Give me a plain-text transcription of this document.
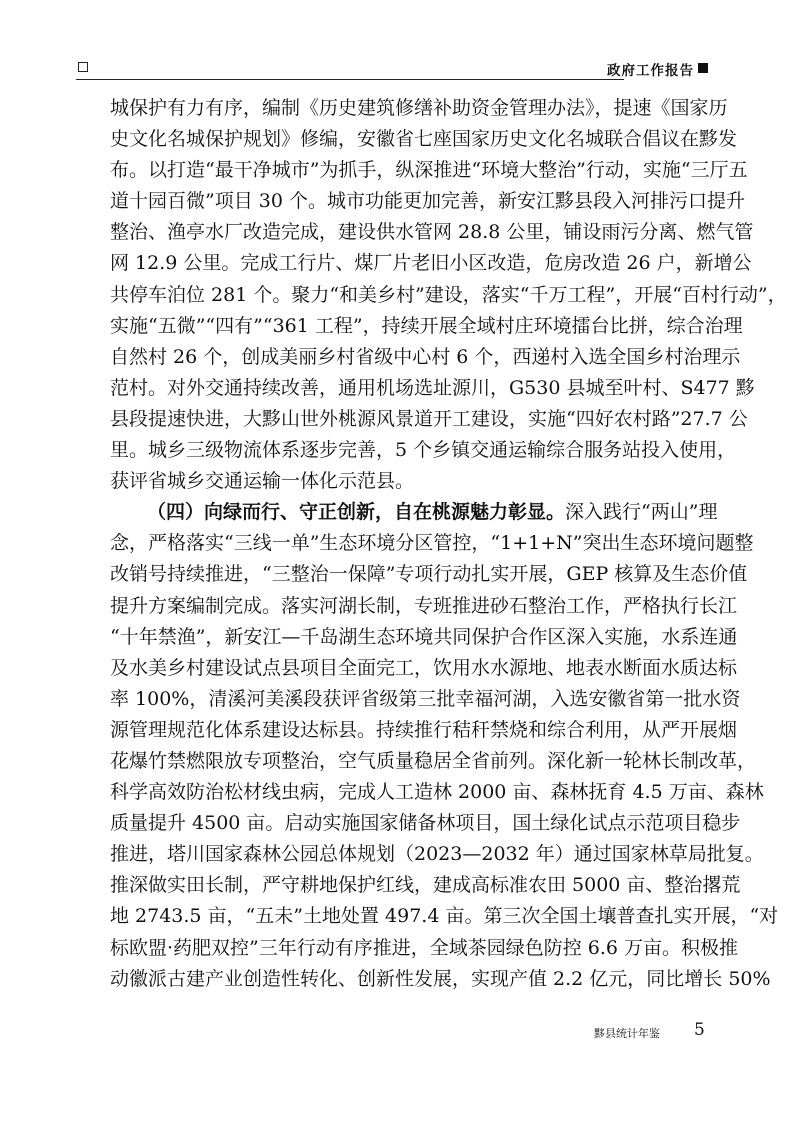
政府工作报告
城保护有力有序，编制《历史建筑修缮补助资金管理办法》，提速《国家历
史文化名城保护规划》修编，安徽省七座国家历史文化名城联合倡议在黟发
布。以打造“最干净城市”为抓手，纵深推进“环境大整治”行动，实施“三厅五
道十园百微”项目 30 个。城市功能更加完善，新安江黟县段入河排污口提升
整治、渔亭水厂改造完成，建设供水管网 28.8 公里，铺设雨污分离、燃气管
网 12.9 公里。完成工行片、煤厂片老旧小区改造，危房改造 26 户，新增公
共停车泊位 281 个。聚力“和美乡村”建设，落实“千万工程”，开展“百村行动”，
实施“五微”“四有”“361 工程”，持续开展全域村庄环境擂台比拼，综合治理
自然村 26 个，创成美丽乡村省级中心村 6 个，西递村入选全国乡村治理示
范村。对外交通持续改善，通用机场选址源川，G530 县城至叶村、S477 黟
县段提速快进，大黟山世外桃源风景道开工建设，实施“四好农村路”27.7 公
里。城乡三级物流体系逐步完善，5 个乡镇交通运输综合服务站投入使用，
获评省城乡交通运输一体化示范县。
（四）向绿而行、守正创新，自在桃源魅力彰显。深入践行“两山”理
念，严格落实“三线一单”生态环境分区管控，“1+1+N”突出生态环境问题整
改销号持续推进，“三整治一保障”专项行动扎实开展，GEP 核算及生态价值
提升方案编制完成。落实河湖长制，专班推进砂石整治工作，严格执行长江
“十年禁渔”，新安江—千岛湖生态环境共同保护合作区深入实施，水系连通
及水美乡村建设试点县项目全面完工，饮用水水源地、地表水断面水质达标
率 100%，清溪河美溪段获评省级第三批幸福河湖，入选安徽省第一批水资
源管理规范化体系建设达标县。持续推行秸秆禁烧和综合利用，从严开展烟
花爆竹禁燃限放专项整治，空气质量稳居全省前列。深化新一轮林长制改革，
科学高效防治松材线虫病，完成人工造林 2000 亩、森林抚育 4.5 万亩、森林
质量提升 4500 亩。启动实施国家储备林项目，国土绿化试点示范项目稳步
推进，塔川国家森林公园总体规划（2023—2032 年）通过国家林草局批复。
推深做实田长制，严守耕地保护红线，建成高标准农田 5000 亩、整治撂荒
地 2743.5 亩，“五未”土地处置 497.4 亩。第三次全国土壤普查扎实开展，“对
标欧盟·药肥双控”三年行动有序推进，全域茶园绿色防控 6.6 万亩。积极推
动徽派古建产业创造性转化、创新性发展，实现产值 2.2 亿元，同比增长 50%
黟县统计年鉴 5
